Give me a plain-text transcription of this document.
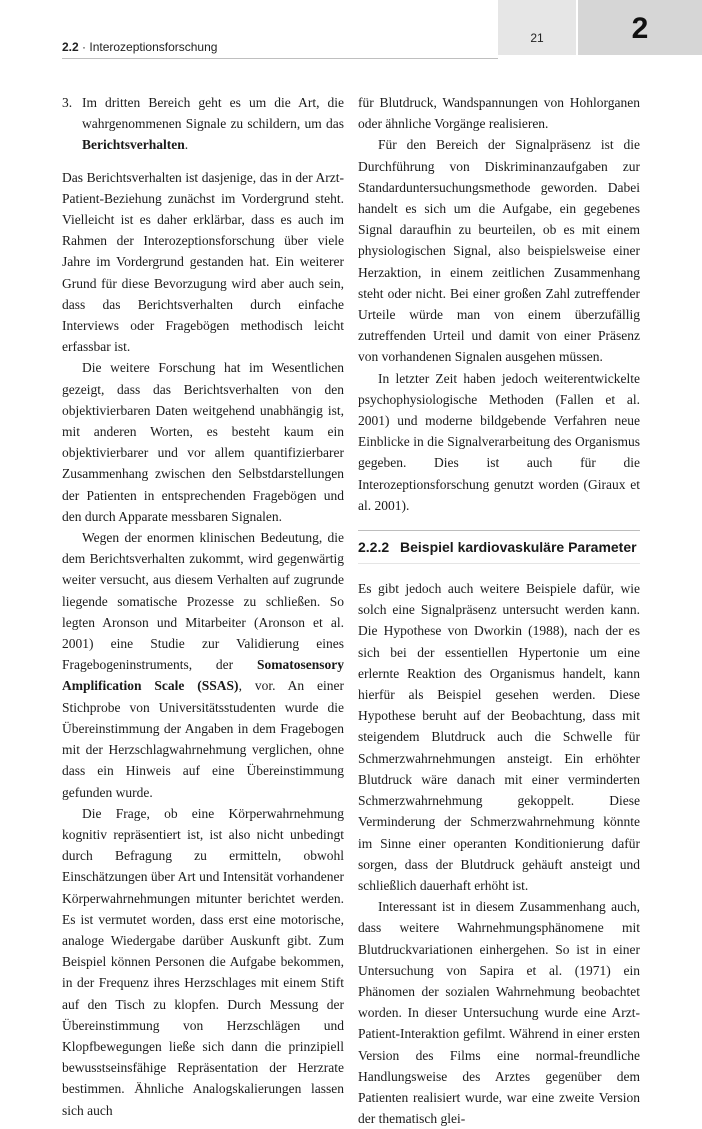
2.2 · Interozeptionsforschung
21	2

3. Im dritten Bereich geht es um die Art, die wahrgenommenen Signale zu schildern, um das Berichtsverhalten.

Das Berichtsverhalten ist dasjenige, das in der Arzt-Patient-Beziehung zunächst im Vordergrund steht. Vielleicht ist es daher erklärbar, dass es auch im Rahmen der Interozeptionsforschung über viele Jahre im Vordergrund gestanden hat. Ein weiterer Grund für diese Bevorzugung wird aber auch sein, dass das Berichtsverhalten durch einfache Interviews oder Fragebögen methodisch leicht erfassbar ist.

Die weitere Forschung hat im Wesentlichen gezeigt, dass das Berichtsverhalten von den objektivierbaren Daten weitgehend unabhängig ist, mit anderen Worten, es besteht kaum ein objektivierbarer und vor allem quantifizierbarer Zusammenhang zwischen den Selbstdarstellungen der Patienten in entsprechenden Fragebögen und den durch Apparate messbaren Signalen.

Wegen der enormen klinischen Bedeutung, die dem Berichtsverhalten zukommt, wird gegenwärtig weiter versucht, aus diesem Verhalten auf zugrunde liegende somatische Prozesse zu schließen. So legten Aronson und Mitarbeiter (Aronson et al. 2001) eine Studie zur Validierung eines Fragebogeninstruments, der Somatosensory Amplification Scale (SSAS), vor. An einer Stichprobe von Universitätsstudenten wurde die Übereinstimmung der Angaben in dem Fragebogen mit der Herzschlagwahrnehmung verglichen, ohne dass ein Hinweis auf eine Übereinstimmung gefunden wurde.

Die Frage, ob eine Körperwahrnehmung kognitiv repräsentiert ist, ist also nicht unbedingt durch Befragung zu ermitteln, obwohl Einschätzungen über Art und Intensität vorhandener Körperwahrnehmungen mitunter berichtet werden. Es ist vermutet worden, dass erst eine motorische, analoge Wiedergabe darüber Auskunft gibt. Zum Beispiel können Personen die Aufgabe bekommen, in der Frequenz ihres Herzschlages mit einem Stift auf den Tisch zu klopfen. Durch Messung der Übereinstimmung von Herzschlägen und Klopfbewegungen ließe sich dann die prinzipiell bewusstseinsfähige Repräsentation der Herzrate bestimmen. Ähnliche Analogskalierungen lassen sich auch

für Blutdruck, Wandspannungen von Hohlorganen oder ähnliche Vorgänge realisieren.

Für den Bereich der Signalpräsenz ist die Durchführung von Diskriminanzaufgaben zur Standarduntersuchungsmethode geworden. Dabei handelt es sich um die Aufgabe, ein gegebenes Signal daraufhin zu beurteilen, ob es mit einem physiologischen Signal, also beispielsweise einer Herzaktion, in einem zeitlichen Zusammenhang steht oder nicht. Bei einer großen Zahl zutreffender Urteile würde man von einem überzufällig zutreffenden Urteil und damit von einer Präsenz von vorhandenen Signalen ausgehen müssen.

In letzter Zeit haben jedoch weiterentwickelte psychophysiologische Methoden (Fallen et al. 2001) und moderne bildgebende Verfahren neue Einblicke in die Signalverarbeitung des Organismus gegeben. Dies ist auch für die Interozeptionsforschung genutzt worden (Giraux et al. 2001).

2.2.2 Beispiel kardiovaskuläre Parameter

Es gibt jedoch auch weitere Beispiele dafür, wie solch eine Signalpräsenz untersucht werden kann. Die Hypothese von Dworkin (1988), nach der es sich bei der essentiellen Hypertonie um eine erlernte Reaktion des Organismus handelt, kann hierfür als Beispiel gesehen werden. Diese Hypothese beruht auf der Beobachtung, dass mit steigendem Blutdruck auch die Schwelle für Schmerzwahrnehmungen ansteigt. Ein erhöhter Blutdruck wäre danach mit einer verminderten Schmerzwahrnehmung gekoppelt. Diese Verminderung der Schmerzwahrnehmung könnte im Sinne einer operanten Konditionierung dafür sorgen, dass der Blutdruck gehäuft ansteigt und schließlich dauerhaft erhöht ist.

Interessant ist in diesem Zusammenhang auch, dass weitere Wahrnehmungsphänomene mit Blutdruckvariationen einhergehen. So ist in einer Untersuchung von Sapira et al. (1971) ein Phänomen der sozialen Wahrnehmung beobachtet worden. In dieser Untersuchung wurde eine Arzt-Patient-Interaktion gefilmt. Während in einer ersten Version des Films eine normal-freundliche Handlungsweise des Arztes gegenüber dem Patienten realisiert wurde, war eine zweite Version der thematisch glei-
